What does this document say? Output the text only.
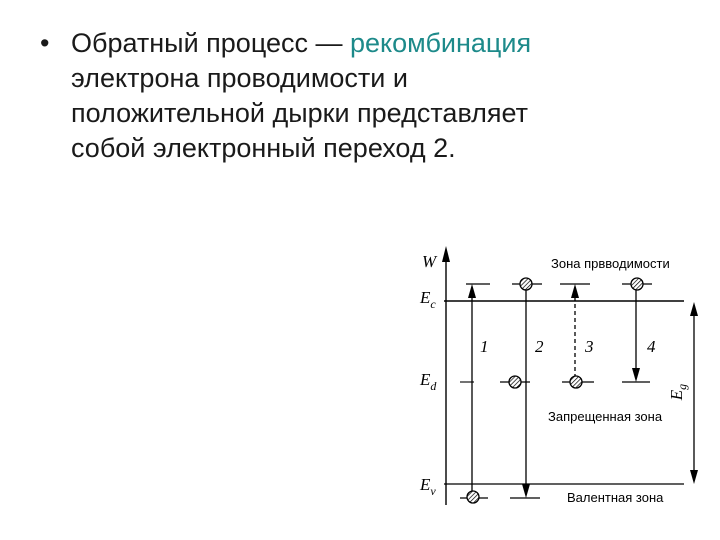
• Обратный процесс — рекомбинация
электрона проводимости и
положительной дырки представляет
собой электронный переход 2.
W
$E_c$
$E_d$
$E_v$
1	2 3	4
$E_g$
Зона првводимости
Запрещенная зона
Валентная зона
